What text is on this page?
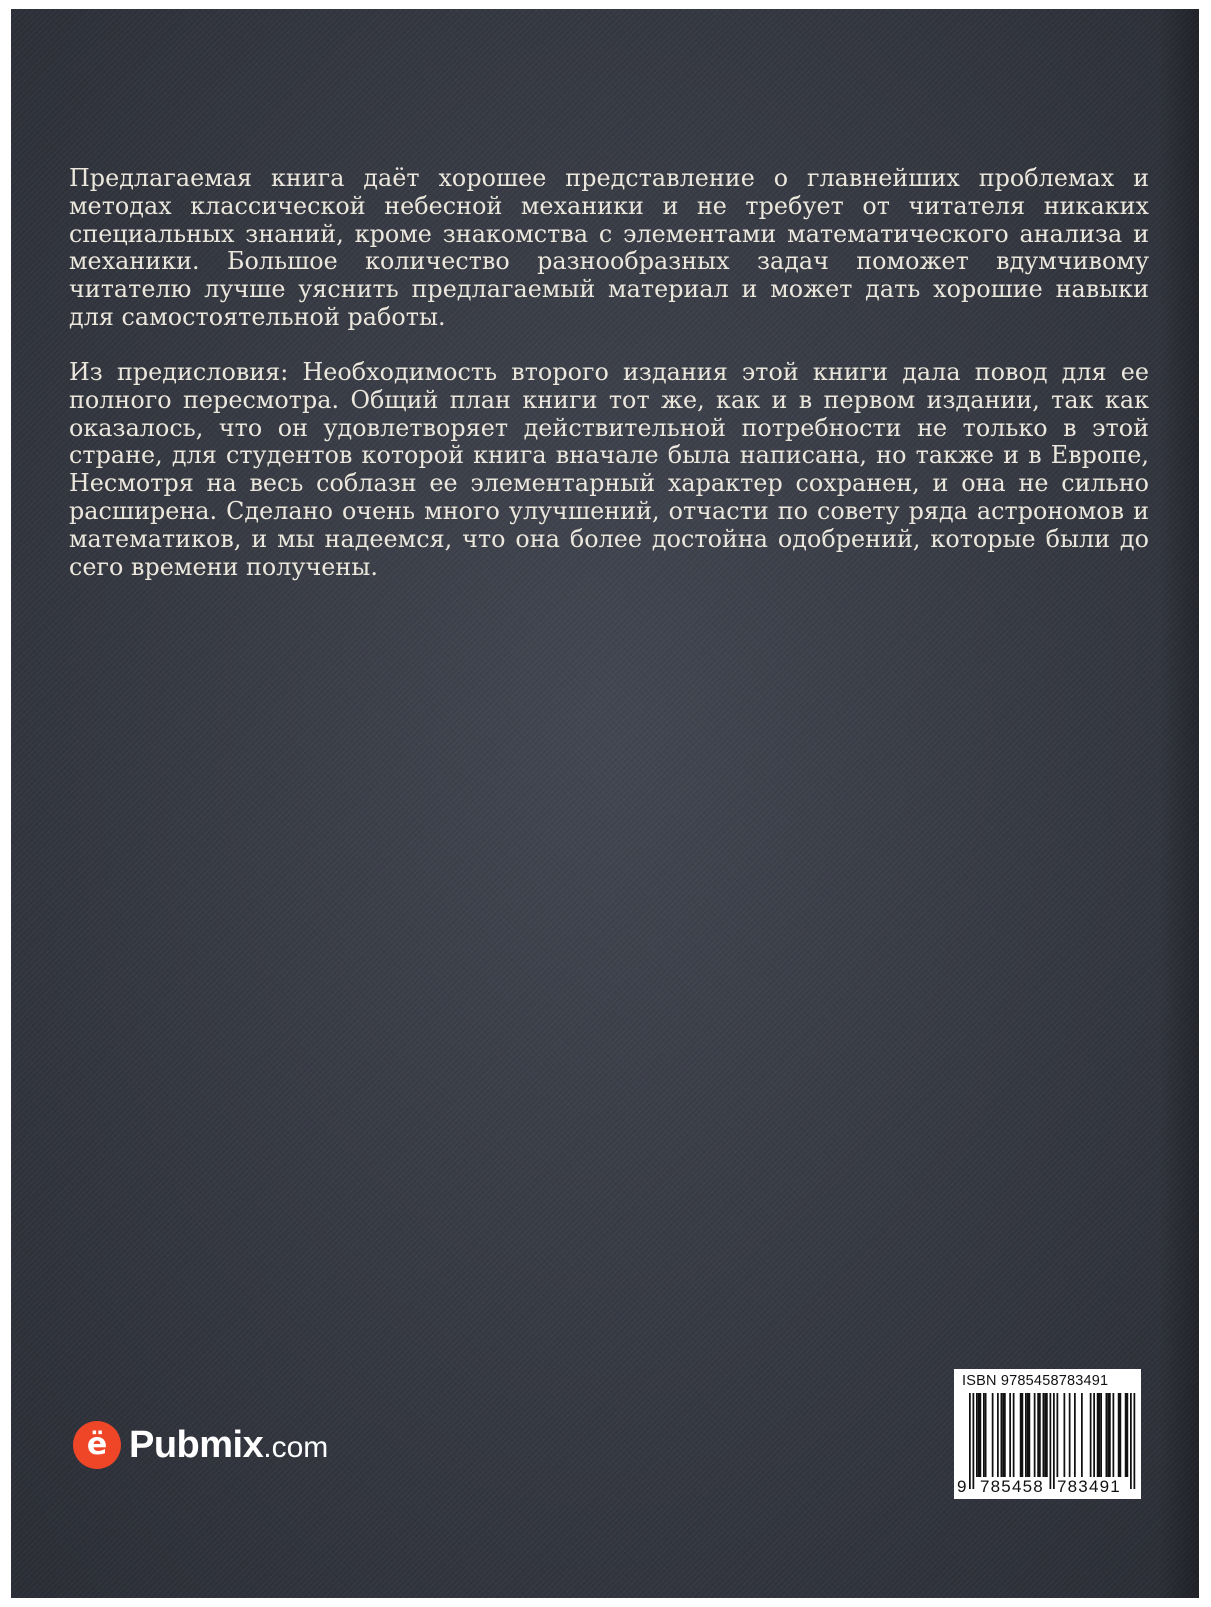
Предлагаемая книга даёт хорошее представление о главнейших проблемах и методах классической небесной механики и не требует от читателя никаких специальных знаний, кроме знакомства с элементами математического анализа и механики. Большое количество разнообразных задач поможет вдумчивому читателю лучше уяснить предлагаемый материал и может дать хорошие навыки для самостоятельной работы.

Из предисловия: Необходимость второго издания этой книги дала повод для ее полного пересмотра. Общий план книги тот же, как и в первом издании, так как оказалось, что он удовлетворяет действительной потребности не только в этой стране, для студентов которой книга вначале была написана, но также и в Европе, Несмотря на весь соблазн ее элементарный характер сохранен, и она не сильно расширена. Сделано очень много улучшений, отчасти по совету ряда астрономов и математиков, и мы надеемся, что она более достойна одобрений, которые были до сего времени получены.

ё Pubmix .com
ISBN 9785458783491
9 785458 783491
